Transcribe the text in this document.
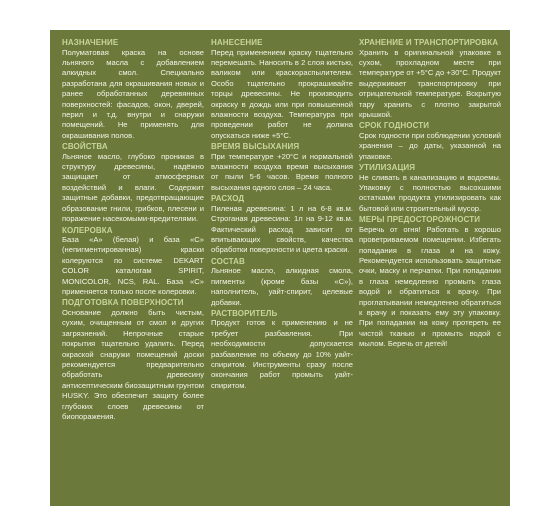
НАЗНАЧЕНИЕ
Полуматовая краска на основе льняного масла с добавлением алкидных смол. Специально разработана для окрашивания новых и ранее обработанных деревянных поверхностей: фасадов, окон, дверей, перил и т.д. внутри и снаружи помещений. Не применять для окрашивания полов.
СВОЙСТВА
Льняное масло, глубоко проникая в структуру древесины, надёжно защищает от атмосферных воздействий и влаги. Содержит защитные добавки, предотвращающие образование гнили, грибков, плесени и поражение насекомыми-вредителями.
КОЛЕРОВКА
База «А» (белая) и база «С» (непигментированная) краски колеруются по системе DEKART COLOR каталогам SPIRIT, MONICOLOR, NCS, RAL. База «С» применяется только после колеровки.
ПОДГОТОВКА ПОВЕРХНОСТИ
Основание должно быть чистым, сухим, очищенным от смол и других загрязнений. Непрочные старые покрытия тщательно удалить. Перед окраской снаружи помещений доски рекомендуется предварительно обработать древесину антисептическим биозащитным грунтом HUSKY. Это обеспечит защиту более глубоких слоев древесины от биопоражения.
НАНЕСЕНИЕ
Перед применением краску тщательно перемешать. Наносить в 2 слоя кистью, валиком или краскораспылителем. Особо тщательно прокрашивайте торцы древесины. Не производить окраску в дождь или при повышенной влажности воздуха. Температура при проведении работ не должна опускаться ниже +5°С.
ВРЕМЯ ВЫСЫХАНИЯ
При температуре +20°С и нормальной влажности воздуха время высыхания от пыли 5-6 часов. Время полного высыхания одного слоя – 24 часа.
РАСХОД
Пиленая древесина: 1 л на 6-8 кв.м. Строганая древесина: 1л на 9-12 кв.м. Фактический расход зависит от впитывающих свойств, качества обработки поверхности и цвета краски.
СОСТАВ
Льняное масло, алкидная смола, пигменты (кроме базы «С»), наполнитель, уайт-спирит, целевые добавки.
РАСТВОРИТЕЛЬ
Продукт готов к применению и не требует разбавления. При необходимости допускается разбавление по объему до 10% уайт-спиритом. Инструменты сразу после окончания работ промыть уайт-спиритом.
ХРАНЕНИЕ И ТРАНСПОРТИРОВКА
Хранить в оригинальной упаковке в сухом, прохладном месте при температуре от +5°С до +30°С. Продукт выдерживает транспортировку при отрицательной температуре. Вскрытую тару хранить с плотно закрытой крышкой.
СРОК ГОДНОСТИ
Срок годности при соблюдении условий хранения – до даты, указанной на упаковке.
УТИЛИЗАЦИЯ
Не сливать в канализацию и водоемы. Упаковку с полностью высохшими остатками продукта утилизировать как бытовой или строительный мусор.
МЕРЫ ПРЕДОСТОРОЖНОСТИ
Беречь от огня! Работать в хорошо проветриваемом помещении. Избегать попадания в глаза и на кожу. Рекомендуется использовать защитные очки, маску и перчатки. При попадании в глаза немедленно промыть глаза водой и обратиться к врачу. При проглатывании немедленно обратиться к врачу и показать ему эту упаковку. При попадании на кожу протереть ее чистой тканью и промыть водой с мылом. Беречь от детей!
